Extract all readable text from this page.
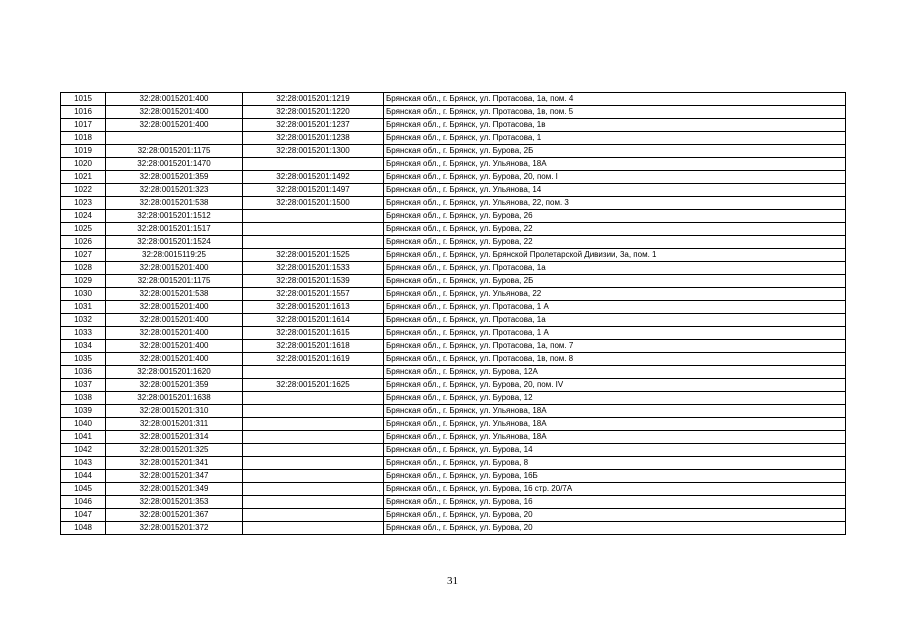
1015	32:28:0015201:400	32:28:0015201:1219	Брянская обл., г. Брянск, ул. Протасова, 1а, пом. 4
1016	32:28:0015201:400	32:28:0015201:1220	Брянская обл., г. Брянск, ул. Протасова, 1в, пом. 5
1017	32:28:0015201:400	32:28:0015201:1237	Брянская обл., г. Брянск, ул. Протасова, 1в
1018		32:28:0015201:1238	Брянская обл., г. Брянск, ул. Протасова, 1
1019	32:28:0015201:1175	32:28:0015201:1300	Брянская обл., г. Брянск, ул. Бурова, 2Б
1020	32:28:0015201:1470		Брянская обл., г. Брянск, ул. Ульянова, 18А
1021	32:28:0015201:359	32:28:0015201:1492	Брянская обл., г. Брянск, ул. Бурова, 20, пом. I
1022	32:28:0015201:323	32:28:0015201:1497	Брянская обл., г. Брянск, ул. Ульянова, 14
1023	32:28:0015201:538	32:28:0015201:1500	Брянская обл., г. Брянск, ул. Ульянова, 22, пом. 3
1024	32:28:0015201:1512		Брянская обл., г. Брянск, ул. Бурова, 26
1025	32:28:0015201:1517		Брянская обл., г. Брянск, ул. Бурова, 22
1026	32:28:0015201:1524		Брянская обл., г. Брянск, ул. Бурова, 22
1027	32:28:0015119:25	32:28:0015201:1525	Брянская обл., г. Брянск, ул. Брянской Пролетарской Дивизии, 3а, пом. 1
1028	32:28:0015201:400	32:28:0015201:1533	Брянская обл., г. Брянск, ул. Протасова, 1а
1029	32:28:0015201:1175	32:28:0015201:1539	Брянская обл., г. Брянск, ул. Бурова, 2Б
1030	32:28:0015201:538	32:28:0015201:1557	Брянская обл., г. Брянск, ул. Ульянова, 22
1031	32:28:0015201:400	32:28:0015201:1613	Брянская обл., г. Брянск, ул. Протасова, 1 А
1032	32:28:0015201:400	32:28:0015201:1614	Брянская обл., г. Брянск, ул. Протасова, 1а
1033	32:28:0015201:400	32:28:0015201:1615	Брянская обл., г. Брянск, ул. Протасова, 1 А
1034	32:28:0015201:400	32:28:0015201:1618	Брянская обл., г. Брянск, ул. Протасова, 1а, пом. 7
1035	32:28:0015201:400	32:28:0015201:1619	Брянская обл., г. Брянск, ул. Протасова, 1в, пом. 8
1036	32:28:0015201:1620		Брянская обл., г. Брянск, ул. Бурова, 12А
1037	32:28:0015201:359	32:28:0015201:1625	Брянская обл., г. Брянск, ул. Бурова, 20, пом. IV
1038	32:28:0015201:1638		Брянская обл., г. Брянск, ул. Бурова, 12
1039	32:28:0015201:310		Брянская обл., г. Брянск, ул. Ульянова, 18А
1040	32:28:0015201:311		Брянская обл., г. Брянск, ул. Ульянова, 18А
1041	32:28:0015201:314		Брянская обл., г. Брянск, ул. Ульянова, 18А
1042	32:28:0015201:325		Брянская обл., г. Брянск, ул. Бурова, 14
1043	32:28:0015201:341		Брянская обл., г. Брянск, ул. Бурова, 8
1044	32:28:0015201:347		Брянская обл., г. Брянск, ул. Бурова, 16Б
1045	32:28:0015201:349		Брянская обл., г. Брянск, ул. Бурова, 16 стр. 20/7А
1046	32:28:0015201:353		Брянская обл., г. Брянск, ул. Бурова, 16
1047	32:28:0015201:367		Брянская обл., г. Брянск, ул. Бурова, 20
1048	32:28:0015201:372		Брянская обл., г. Брянск, ул. Бурова, 20
31
